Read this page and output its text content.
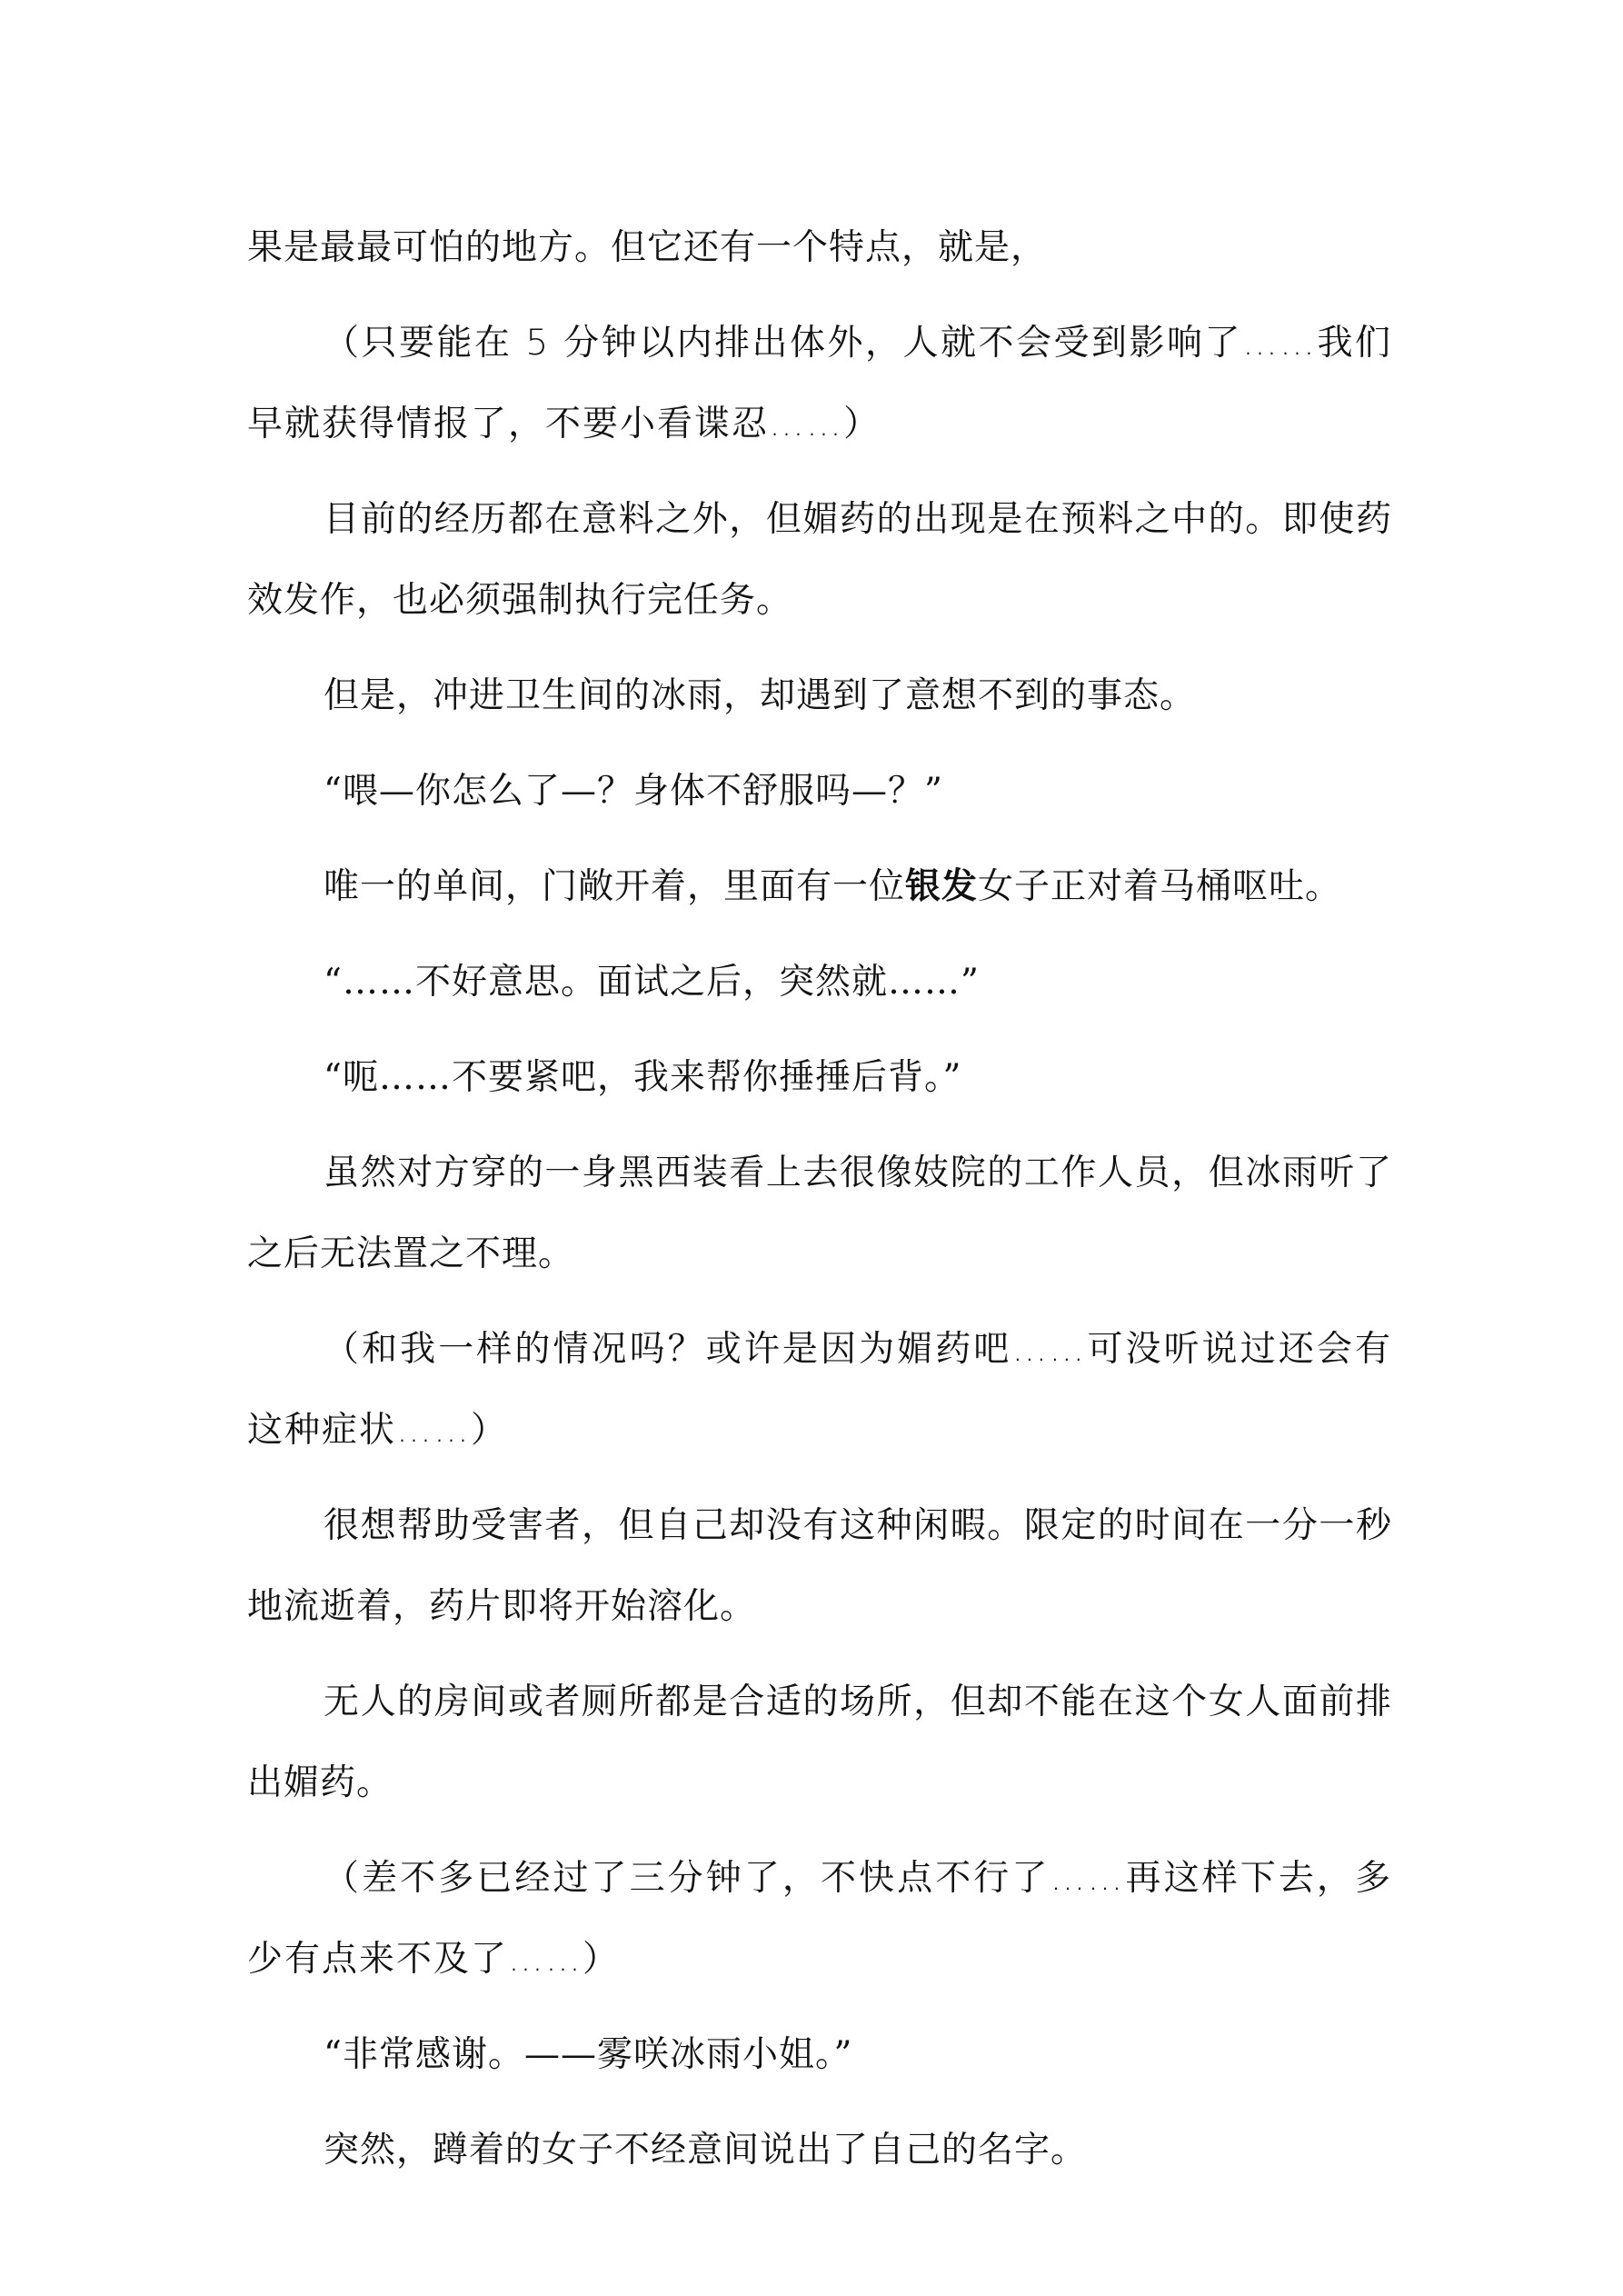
果是最最可怕的地方。但它还有一个特点，就是，

（只要能在 5 分钟以内排出体外，人就不会受到影响了……我们早就获得情报了，不要小看谍忍……）

目前的经历都在意料之外，但媚药的出现是在预料之中的。即使药效发作，也必须强制执行完任务。

但是，冲进卫生间的冰雨，却遇到了意想不到的事态。

“喂—你怎么了—？身体不舒服吗—？”

唯一的单间，门敞开着，里面有一位银发女子正对着马桶呕吐。

“……不好意思。面试之后，突然就……”

“呃……不要紧吧，我来帮你捶捶后背。”

虽然对方穿的一身黑西装看上去很像妓院的工作人员，但冰雨听了之后无法置之不理。

（和我一样的情况吗？或许是因为媚药吧……可没听说过还会有这种症状……）

很想帮助受害者，但自己却没有这种闲暇。限定的时间在一分一秒地流逝着，药片即将开始溶化。

无人的房间或者厕所都是合适的场所，但却不能在这个女人面前排出媚药。

（差不多已经过了三分钟了，不快点不行了……再这样下去，多少有点来不及了……）

“非常感谢。——雾咲冰雨小姐。”

突然，蹲着的女子不经意间说出了自己的名字。
